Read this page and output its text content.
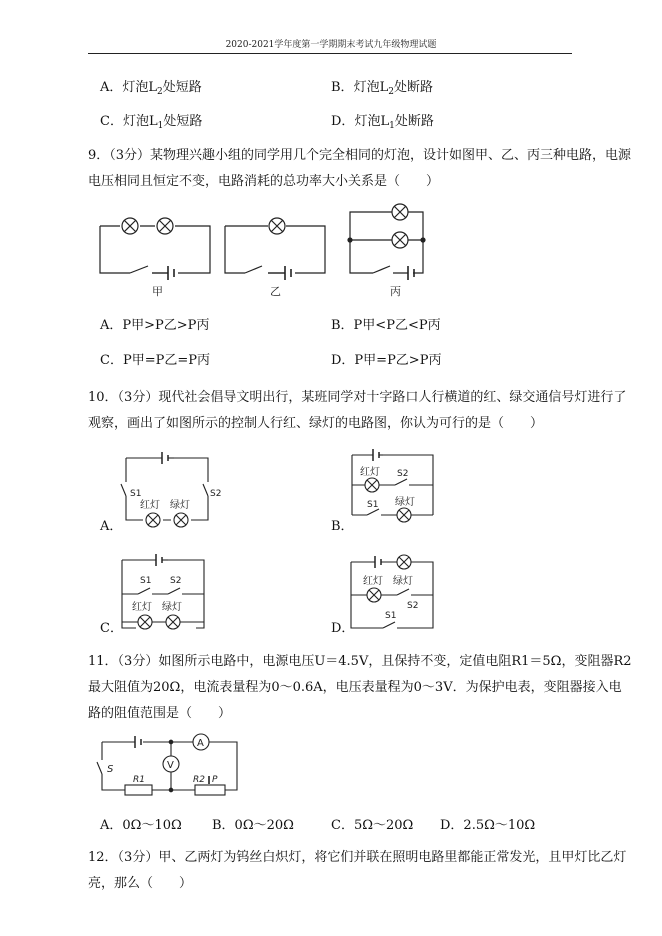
2020-2021学年度第一学期期末考试九年级物理试题
A．灯泡$L_2$处短路	B．灯泡$L_2$处断路
C．灯泡$L_1$处短路	D．灯泡$L_1$处断路
9．（3分）某物理兴趣小组的同学用几个完全相同的灯泡，设计如图甲、乙、丙三种电路，电源
电压相同且恒定不变，电路消耗的总功率大小关系是（　　）
甲	乙	丙
A．P甲>P乙>P丙	B．P甲<P乙<P丙
C．P甲=P乙=P丙	D．P甲=P乙>P丙
10．（3分）现代社会倡导文明出行，某班同学对十字路口人行横道的红、绿交通信号灯进行了
观察，画出了如图所示的控制人行红、绿灯的电路图，你认为可行的是（　　）
A．
S1	S2
红灯 绿灯
B．
红灯 S2
绿灯
S1
C．
S1 S2
红灯 绿灯
D．
红灯 绿灯
S2
S1
11．（3分）如图所示电路中，电源电压U＝4.5V，且保持不变，定值电阻R1＝5Ω，变阻器R2
最大阻值为20Ω，电流表量程为0～0.6A，电压表量程为0～3V．为保护电表，变阻器接入电
路的阻值范围是（　　）
A
S
R1	R2 P
V
A．0Ω～10Ω B．0Ω～20Ω	C．5Ω～20Ω D．2.5Ω～10Ω
12．（3分）甲、乙两灯为钨丝白炽灯，将它们并联在照明电路里都能正常发光，且甲灯比乙灯
亮，那么（　　）
